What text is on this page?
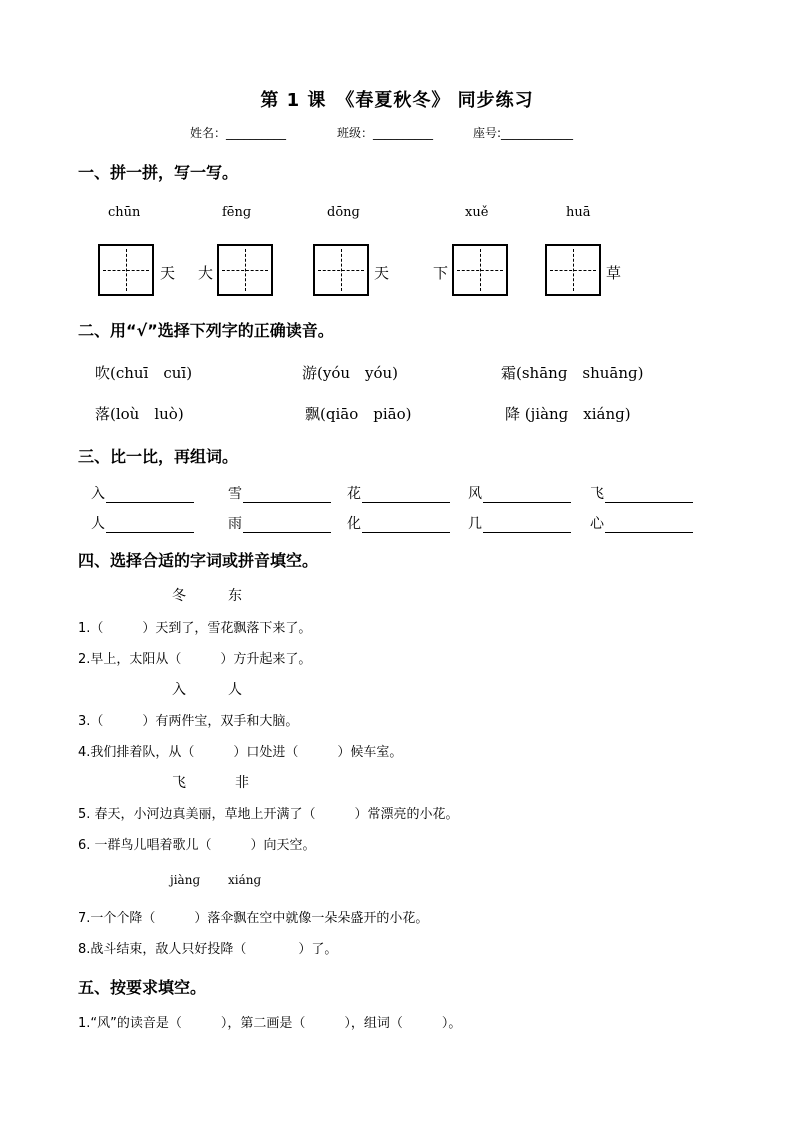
第 1 课　《春夏秋冬》 同步练习
姓名：__________	班级：__________	座号:____________
一、拼一拼，写一写。
chūn	fēnɡ	dōnɡ	xuě	huā
天 大	天	下	草
二、用“√”选择下列字的正确读音。
吹(chuī　cuī)	游(yóu　yóu)	霜(shānɡ　shuānɡ)
落(loù　luò)	飘(qiāo　piāo)	降 (jiànɡ　xiánɡ)
三、比一比，再组词。
入	雪	花	风	飞
人	雨	化	几	心
四、选择合适的字词或拼音填空。
冬	东
1.（　　　）天到了，雪花飘落下来了。
2.早上，太阳从（　　　）方升起来了。
入	人
3.（　　　）有两件宝，双手和大脑。
4.我们排着队，从（　　　）口处进（　　　）候车室。
飞	非
5. 春天，小河边真美丽，草地上开满了（　　　）常漂亮的小花。
6. 一群鸟儿唱着歌儿（　　　）向天空。
jiànɡ xiánɡ
7.一个个降（　　　）落伞飘在空中就像一朵朵盛开的小花。
8.战斗结束，敌人只好投降（　　　　）了。
五、按要求填空。
1.“风”的读音是（　　　），第二画是（　　　），组词（　　　）。
